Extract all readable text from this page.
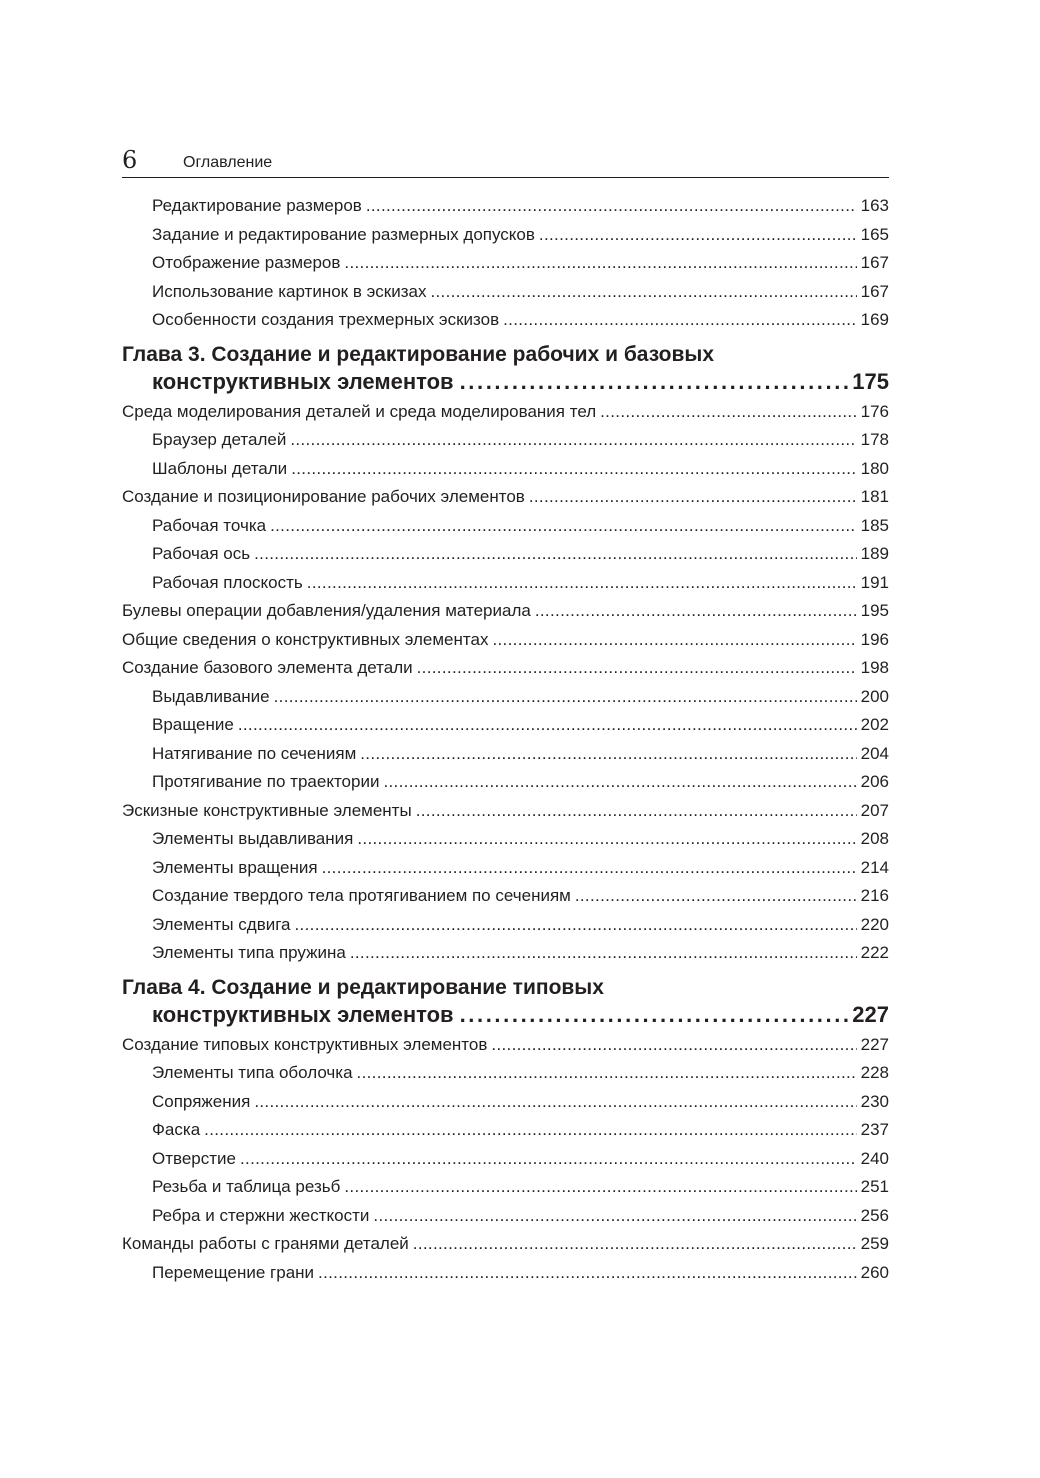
6	Оглавление
Редактирование размеров . . .	163
Задание и редактирование размерных допусков . . .	165
Отображение размеров . . .	167
Использование картинок в эскизах . . .	167
Особенности создания трехмерных эскизов . . .	169
Глава 3. Создание и редактирование рабочих и базовых
конструктивных элементов .....	175
Среда моделирования деталей и среда моделирования тел . . .	176
Браузер деталей . . .	178
Шаблоны детали . . .	180
Создание и позиционирование рабочих элементов . . .	181
Рабочая точка . . .	185
Рабочая ось . . .	189
Рабочая плоскость . . .	191
Булевы операции добавления/удаления материала . . .	195
Общие сведения о конструктивных элементах . . .	196
Создание базового элемента детали . . .	198
Выдавливание . . .	200
Вращение . . .	202
Натягивание по сечениям . . .	204
Протягивание по траектории . . .	206
Эскизные конструктивные элементы . . .	207
Элементы выдавливания . . .	208
Элементы вращения . . .	214
Создание твердого тела протягиванием по сечениям . . .	216
Элементы сдвига . . .	220
Элементы типа пружина . . .	222
Глава 4. Создание и редактирование типовых
конструктивных элементов .....	227
Создание типовых конструктивных элементов . . .	227
Элементы типа оболочка . . .	228
Сопряжения . . .	230
Фаска . . .	237
Отверстие . . .	240
Резьба и таблица резьб . . .	251
Ребра и стержни жесткости . . .	256
Команды работы с гранями деталей . . .	259
Перемещение грани . . .	260
